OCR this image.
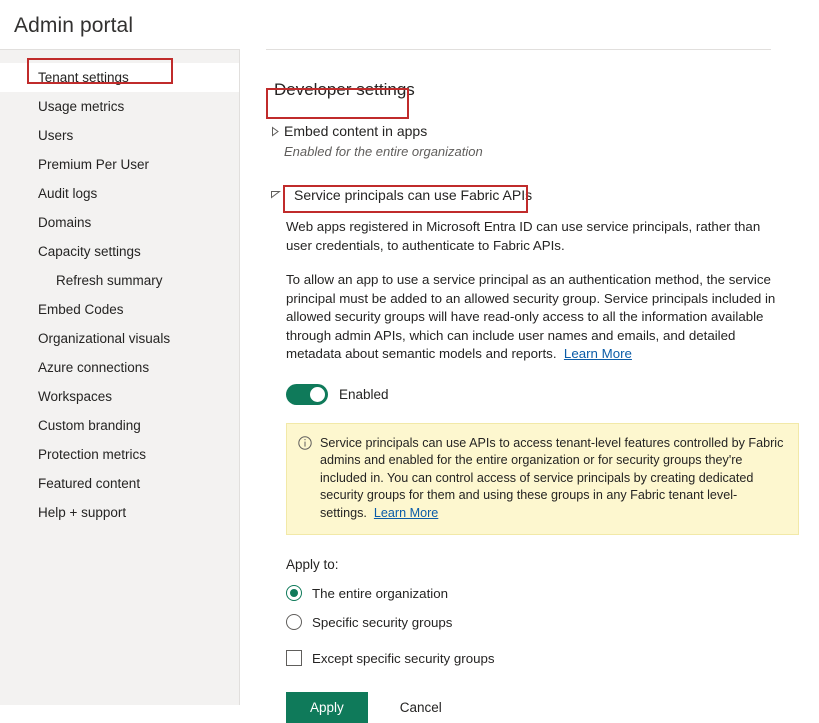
Admin portal
Tenant settings
Usage metrics
Users
Premium Per User
Audit logs
Domains
Capacity settings
Refresh summary
Embed Codes
Organizational visuals
Azure connections
Workspaces
Custom branding
Protection metrics
Featured content
Help + support
Developer settings
Embed content in apps
Enabled for the entire organization
Service principals can use Fabric APIs

Web apps registered in Microsoft Entra ID can use service principals, rather than user credentials, to authenticate to Fabric APIs.

To allow an app to use a service principal as an authentication method, the service principal must be added to an allowed security group. Service principals included in allowed security groups will have read-only access to all the information available through admin APIs, which can include user names and emails, and detailed metadata about semantic models and reports. Learn More

Enabled
Service principals can use APIs to access tenant-level features controlled by Fabric admins and enabled for the entire organization or for security groups they're included in. You can control access of service principals by creating dedicated security groups for them and using these groups in any Fabric tenant level-settings. Learn More
Apply to:
The entire organization
Specific security groups
Except specific security groups
Apply	Cancel
